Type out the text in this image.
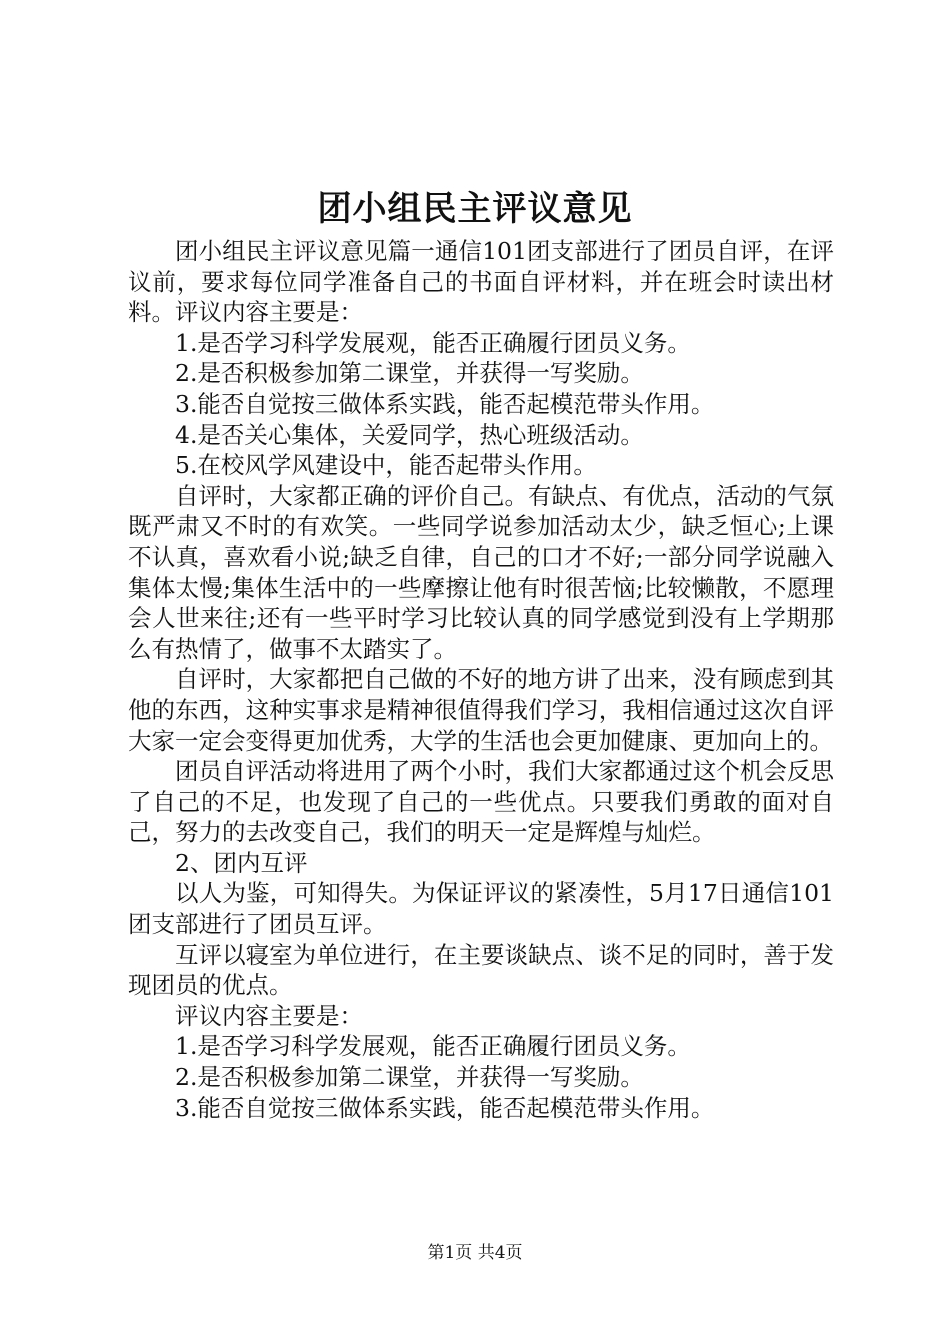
团小组民主评议意见

团小组民主评议意见篇一通信101团支部进行了团员自评，在评议前，要求每位同学准备自己的书面自评材料，并在班会时读出材料。评议内容主要是：

1.是否学习科学发展观，能否正确履行团员义务。

2.是否积极参加第二课堂，并获得一写奖励。

3.能否自觉按三做体系实践，能否起模范带头作用。

4.是否关心集体，关爱同学，热心班级活动。

5.在校风学风建设中，能否起带头作用。

自评时，大家都正确的评价自己。有缺点、有优点，活动的气氛既严肃又不时的有欢笑。一些同学说参加活动太少，缺乏恒心;上课不认真，喜欢看小说;缺乏自律，自己的口才不好;一部分同学说融入集体太慢;集体生活中的一些摩擦让他有时很苦恼;比较懒散，不愿理会人世来往;还有一些平时学习比较认真的同学感觉到没有上学期那么有热情了，做事不太踏实了。

自评时，大家都把自己做的不好的地方讲了出来，没有顾虑到其他的东西，这种实事求是精神很值得我们学习，我相信通过这次自评大家一定会变得更加优秀，大学的生活也会更加健康、更加向上的。

团员自评活动将进用了两个小时，我们大家都通过这个机会反思了自己的不足，也发现了自己的一些优点。只要我们勇敢的面对自己，努力的去改变自己，我们的明天一定是辉煌与灿烂。

2、团内互评

以人为鉴，可知得失。为保证评议的紧凑性，5月17日通信101团支部进行了团员互评。

互评以寝室为单位进行，在主要谈缺点、谈不足的同时，善于发现团员的优点。

评议内容主要是：

1.是否学习科学发展观，能否正确履行团员义务。

2.是否积极参加第二课堂，并获得一写奖励。

3.能否自觉按三做体系实践，能否起模范带头作用。

第1页 共4页
